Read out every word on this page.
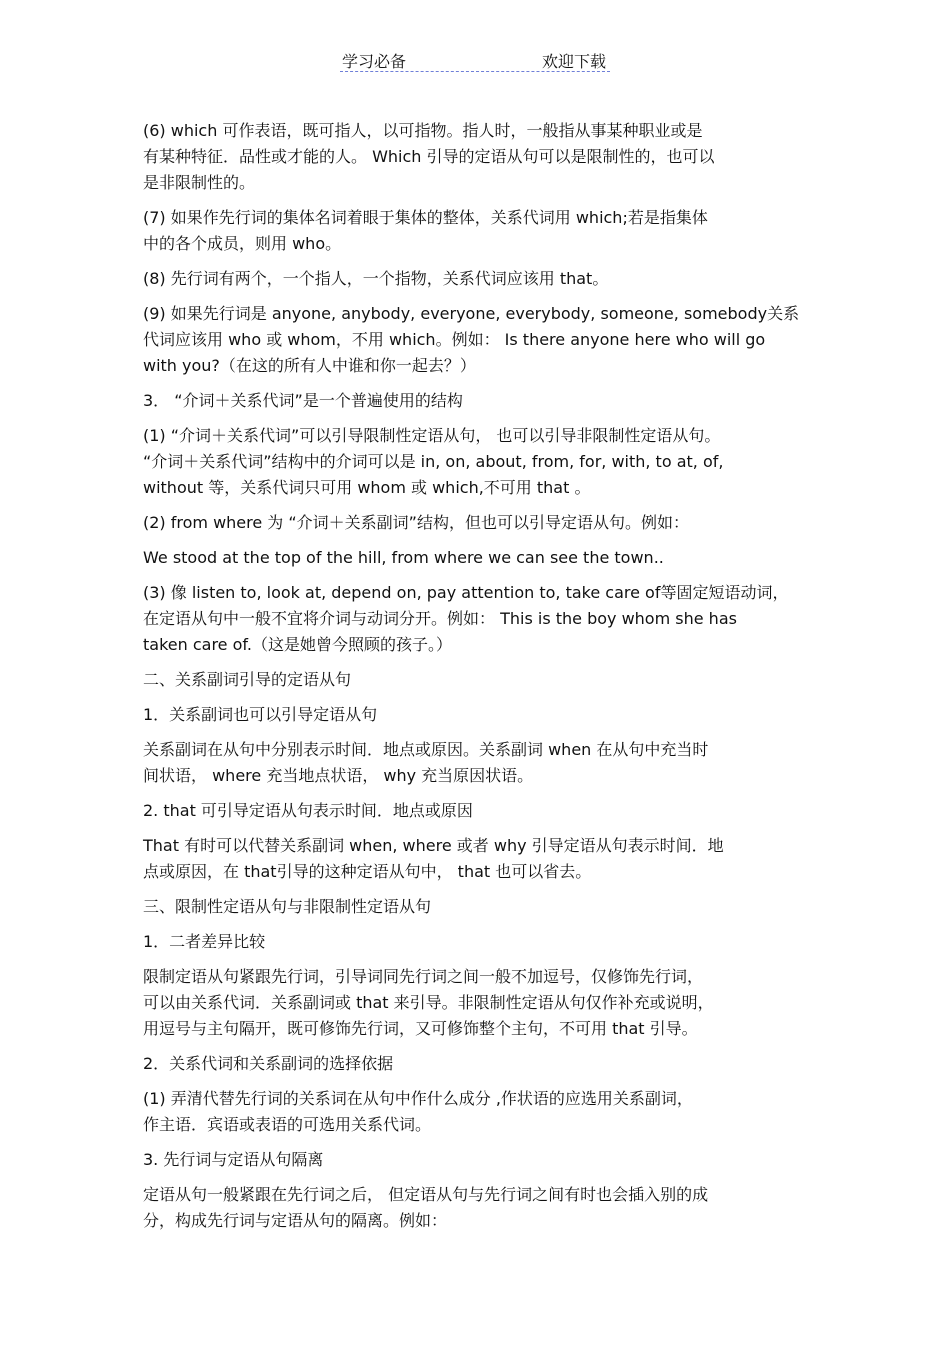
学习必备	欢迎下载
(6) which 可作表语，既可指人，以可指物。指人时，一般指从事某种职业或是
有某种特征．品性或才能的人。 Which 引导的定语从句可以是限制性的，也可以
是非限制性的。
(7) 如果作先行词的集体名词着眼于集体的整体，关系代词用 which;若是指集体
中的各个成员，则用 who。
(8) 先行词有两个，一个指人，一个指物，关系代词应该用 that。
(9) 如果先行词是 anyone, anybody, everyone, everybody, someone, somebody关系
代词应该用 who 或 whom，不用 which。例如： Is there anyone here who will go
with you?（在这的所有人中谁和你一起去？）
3． “介词＋关系代词”是一个普遍使用的结构
(1) “介词＋关系代词”可以引导限制性定语从句， 也可以引导非限制性定语从句。
“介词＋关系代词”结构中的介词可以是 in, on, about, from, for, with, to at, of,
without 等，关系代词只可用 whom 或 which,不可用 that 。
(2) from where 为 “介词＋关系副词”结构，但也可以引导定语从句。例如：
We stood at the top of the hill, from where we can see the town..
(3) 像 listen to, look at, depend on, pay attention to, take care of等固定短语动词，
在定语从句中一般不宜将介词与动词分开。例如： This is the boy whom she has
taken care of.（这是她曾今照顾的孩子。）
二、关系副词引导的定语从句
1．关系副词也可以引导定语从句
关系副词在从句中分别表示时间．地点或原因。关系副词 when 在从句中充当时
间状语， where 充当地点状语， why 充当原因状语。
2. that 可引导定语从句表示时间．地点或原因
That 有时可以代替关系副词 when, where 或者 why 引导定语从句表示时间．地
点或原因，在 that引导的这种定语从句中， that 也可以省去。
三、限制性定语从句与非限制性定语从句
1．二者差异比较
限制定语从句紧跟先行词，引导词同先行词之间一般不加逗号，仅修饰先行词，
可以由关系代词．关系副词或 that 来引导。非限制性定语从句仅作补充或说明，
用逗号与主句隔开，既可修饰先行词，又可修饰整个主句，不可用 that 引导。
2．关系代词和关系副词的选择依据
(1) 弄清代替先行词的关系词在从句中作什么成分 ,作状语的应选用关系副词，
作主语．宾语或表语的可选用关系代词。
3. 先行词与定语从句隔离
定语从句一般紧跟在先行词之后， 但定语从句与先行词之间有时也会插入别的成
分，构成先行词与定语从句的隔离。例如：
